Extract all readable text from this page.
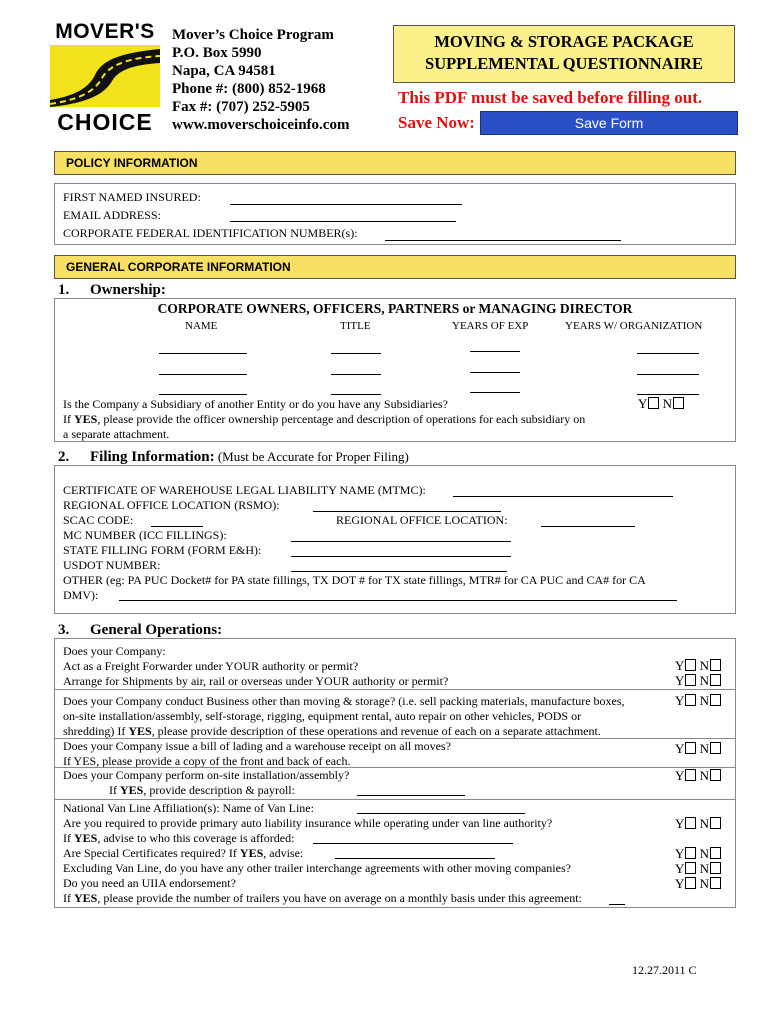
MOVER'S
CHOICE
Mover’s Choice Program
P.O. Box 5990
Napa, CA 94581
Phone #: (800) 852-1968
Fax #: (707) 252-5905
www.moverschoiceinfo.com
MOVING & STORAGE PACKAGE
SUPPLEMENTAL QUESTIONNAIRE
This PDF must be saved before filling out.
Save Now:	Save Form
POLICY INFORMATION
FIRST NAMED INSURED:
EMAIL ADDRESS:
CORPORATE FEDERAL IDENTIFICATION NUMBER(s):
GENERAL CORPORATE INFORMATION
1. Ownership:
CORPORATE OWNERS, OFFICERS, PARTNERS or MANAGING DIRECTOR
NAME	TITLE	YEARS OF EXP	YEARS W/ ORGANIZATION
Is the Company a Subsidiary of another Entity or do you have any Subsidiaries?	Y N
If YES, please provide the officer ownership percentage and description of operations for each subsidiary on
a separate attachment.
2. Filing Information: (Must be Accurate for Proper Filing)
CERTIFICATE OF WAREHOUSE LEGAL LIABILITY NAME (MTMC):
REGIONAL OFFICE LOCATION (RSMO):
SCAC CODE:	REGIONAL OFFICE LOCATION:
MC NUMBER (ICC FILLINGS):
STATE FILLING FORM (FORM E&H):
USDOT NUMBER:
OTHER (eg: PA PUC Docket# for PA state fillings, TX DOT # for TX state fillings, MTR# for CA PUC and CA# for CA
DMV):
3. General Operations:
Does your Company:
Act as a Freight Forwarder under YOUR authority or permit?	Y N
Arrange for Shipments by air, rail or overseas under YOUR authority or permit?	Y N
Does your Company conduct Business other than moving & storage? (i.e. sell packing materials, manufacture boxes,	Y N
on-site installation/assembly, self-storage, rigging, equipment rental, auto repair on other vehicles, PODS or
shredding) If YES, please provide description of these operations and revenue of each on a separate attachment.
Does your Company issue a bill of lading and a warehouse receipt on all moves?	Y N
If YES, please provide a copy of the front and back of each.
Does your Company perform on-site installation/assembly?	Y N
If YES, provide description & payroll:
National Van Line Affiliation(s): Name of Van Line:
Are you required to provide primary auto liability insurance while operating under van line authority?	Y N
If YES, advise to who this coverage is afforded:
Are Special Certificates required? If YES, advise:	Y N
Excluding Van Line, do you have any other trailer interchange agreements with other moving companies?	Y N
Do you need an UIIA endorsement?	Y N
If YES, please provide the number of trailers you have on average on a monthly basis under this agreement:
12.27.2011 C
